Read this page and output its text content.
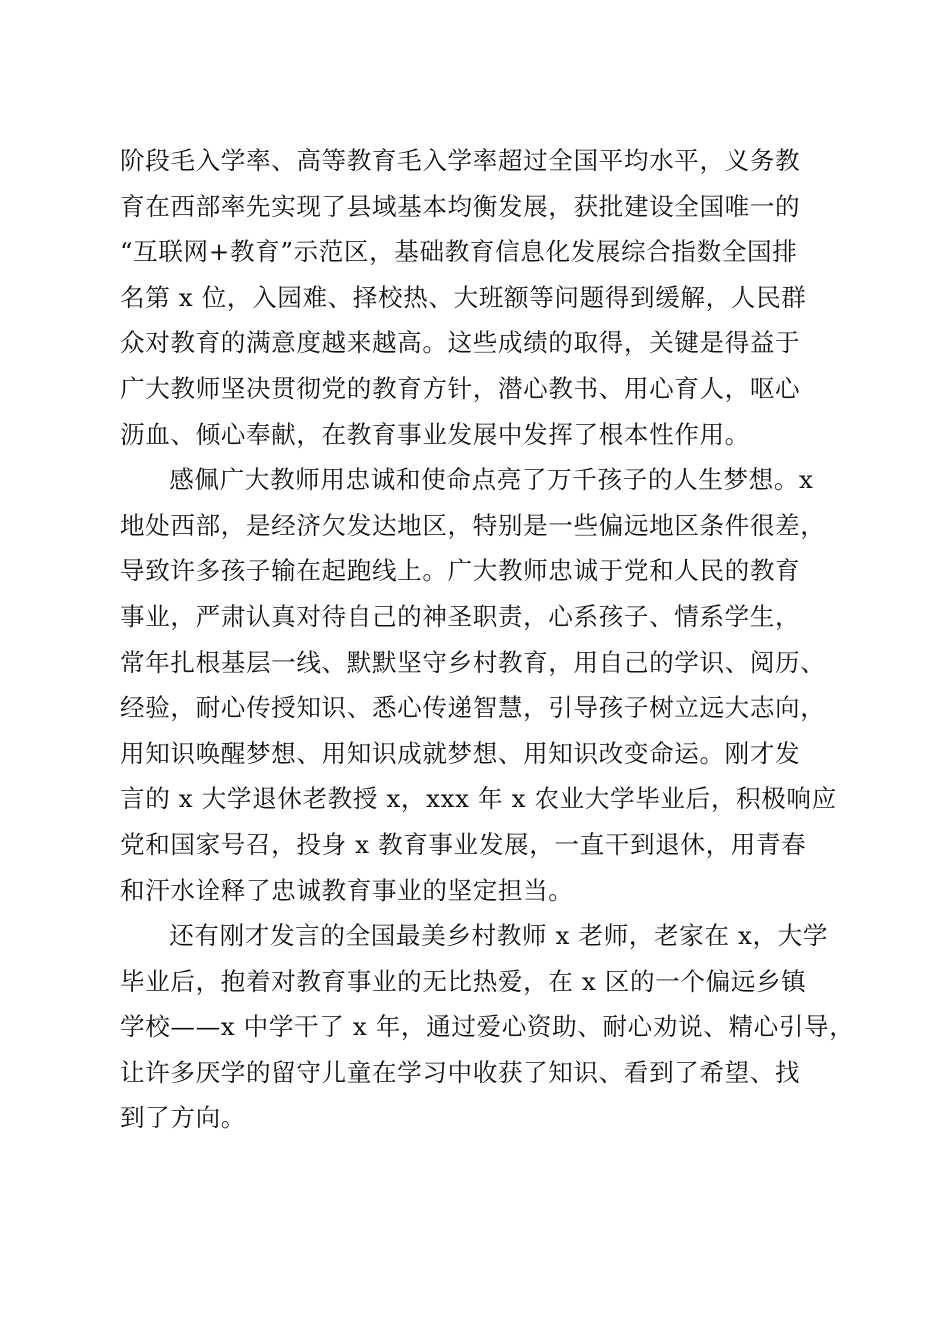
阶段毛入学率、高等教育毛入学率超过全国平均水平，义务教
育在西部率先实现了县域基本均衡发展，获批建设全国唯一的
“互联网+教育”示范区，基础教育信息化发展综合指数全国排
名第 x 位，入园难、择校热、大班额等问题得到缓解，人民群
众对教育的满意度越来越高。这些成绩的取得，关键是得益于
广大教师坚决贯彻党的教育方针，潜心教书、用心育人，呕心
沥血、倾心奉献，在教育事业发展中发挥了根本性作用。

感佩广大教师用忠诚和使命点亮了万千孩子的人生梦想。x
地处西部，是经济欠发达地区，特别是一些偏远地区条件很差，
导致许多孩子输在起跑线上。广大教师忠诚于党和人民的教育
事业，严肃认真对待自己的神圣职责，心系孩子、情系学生，
常年扎根基层一线、默默坚守乡村教育，用自己的学识、阅历、
经验，耐心传授知识、悉心传递智慧，引导孩子树立远大志向，
用知识唤醒梦想、用知识成就梦想、用知识改变命运。刚才发
言的 x 大学退休老教授 x，xxx 年 x 农业大学毕业后，积极响应
党和国家号召，投身 x 教育事业发展，一直干到退休，用青春
和汗水诠释了忠诚教育事业的坚定担当。

还有刚才发言的全国最美乡村教师 x 老师，老家在 x，大学
毕业后，抱着对教育事业的无比热爱，在 x 区的一个偏远乡镇
学校——x 中学干了 x 年，通过爱心资助、耐心劝说、精心引导，
让许多厌学的留守儿童在学习中收获了知识、看到了希望、找
到了方向。
